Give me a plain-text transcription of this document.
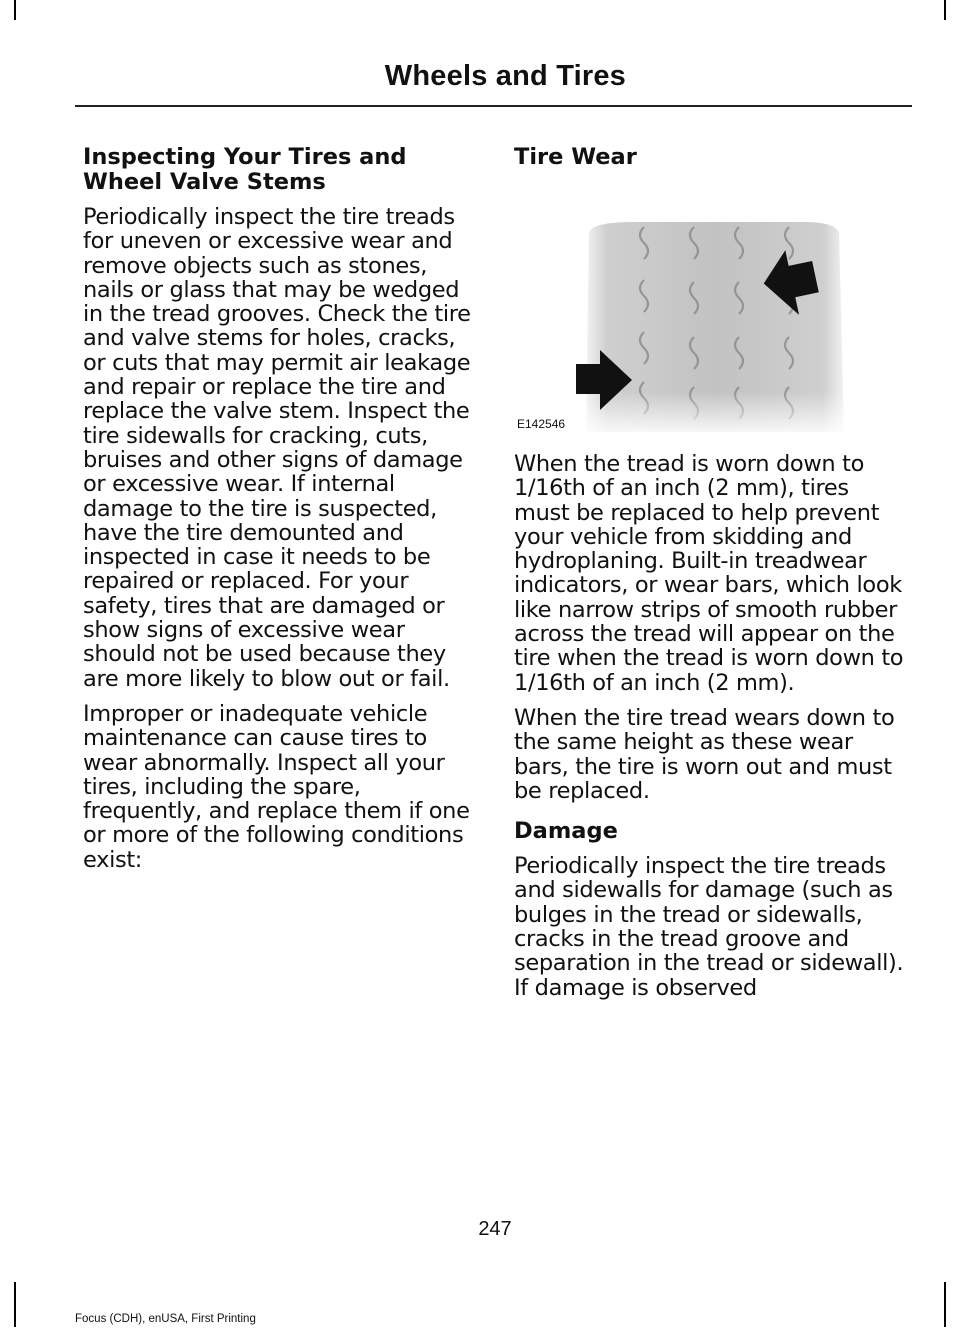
Wheels and Tires
Inspecting Your Tires and Wheel Valve Stems

Periodically inspect the tire treads for uneven or excessive wear and remove objects such as stones, nails or glass that may be wedged in the tread grooves. Check the tire and valve stems for holes, cracks, or cuts that may permit air leakage and repair or replace the tire and replace the valve stem. Inspect the tire sidewalls for cracking, cuts, bruises and other signs of damage or excessive wear. If internal damage to the tire is suspected, have the tire demounted and inspected in case it needs to be repaired or replaced. For your safety, tires that are damaged or show signs of excessive wear should not be used because they are more likely to blow out or fail.

Improper or inadequate vehicle maintenance can cause tires to wear abnormally. Inspect all your tires, including the spare, frequently, and replace them if one or more of the following conditions exist:

Tire Wear
E142546

When the tread is worn down to 1/16th of an inch (2 mm), tires must be replaced to help prevent your vehicle from skidding and hydroplaning. Built-in treadwear indicators, or wear bars, which look like narrow strips of smooth rubber across the tread will appear on the tire when the tread is worn down to 1/16th of an inch (2 mm).

When the tire tread wears down to the same height as these wear bars, the tire is worn out and must be replaced.

Damage

Periodically inspect the tire treads and sidewalls for damage (such as bulges in the tread or sidewalls, cracks in the tread groove and separation in the tread or sidewall). If damage is observed

247
Focus (CDH), enUSA, First Printing
